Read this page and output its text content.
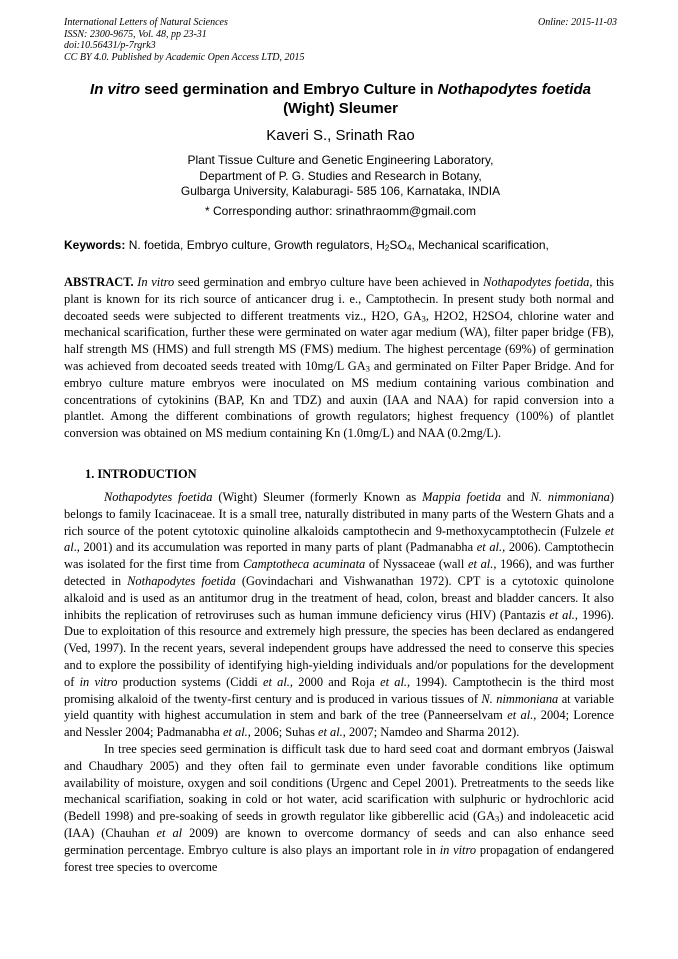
International Letters of Natural Sciences
ISSN: 2300-9675, Vol. 48, pp 23-31
doi:10.56431/p-7rgrk3
CC BY 4.0. Published by Academic Open Access LTD, 2015
Online: 2015-11-03
In vitro seed germination and Embryo Culture in Nothapodytes foetida
(Wight) Sleumer
Kaveri S., Srinath Rao
Plant Tissue Culture and Genetic Engineering Laboratory,
Department of P. G. Studies and Research in Botany,
Gulbarga University, Kalaburagi- 585 106, Karnataka, INDIA
* Corresponding author: srinathraomm@gmail.com
Keywords: N. foetida, Embryo culture, Growth regulators, $H_2SO_4$, Mechanical scarification,
ABSTRACT. In vitro seed germination and embryo culture have been achieved in Nothapodytes foetida, this plant is known for its rich source of anticancer drug i. e., Camptothecin. In present study both normal and decoated seeds were subjected to different treatments viz., H2O, $GA_3$, H2O2, H2SO4, chlorine water and mechanical scarification, further these were germinated on water agar medium (WA), filter paper bridge (FB), half strength MS (HMS) and full strength MS (FMS) medium. The highest percentage (69%) of germination was achieved from decoated seeds treated with 10mg/L $GA_3$ and germinated on Filter Paper Bridge. And for embryo culture mature embryos were inoculated on MS medium containing various combination and concentrations of cytokinins (BAP, Kn and TDZ) and auxin (IAA and NAA) for rapid conversion into a plantlet. Among the different combinations of growth regulators; highest frequency (100%) of plantlet conversion was obtained on MS medium containing Kn (1.0mg/L) and NAA (0.2mg/L).
1. INTRODUCTION

Nothapodytes foetida (Wight) Sleumer (formerly Known as Mappia foetida and N. nimmoniana) belongs to family Icacinaceae. It is a small tree, naturally distributed in many parts of the Western Ghats and a rich source of the potent cytotoxic quinoline alkaloids camptothecin and 9-methoxycamptothecin (Fulzele et al., 2001) and its accumulation was reported in many parts of plant (Padmanabha et al., 2006). Camptothecin was isolated for the first time from Camptotheca acuminata of Nyssaceae (wall et al., 1966), and was further detected in Nothapodytes foetida (Govindachari and Vishwanathan 1972). CPT is a cytotoxic quinolone alkaloid and is used as an antitumor drug in the treatment of head, colon, breast and bladder cancers. It also inhibits the replication of retroviruses such as human immune deficiency virus (HIV) (Pantazis et al., 1996). Due to exploitation of this resource and extremely high pressure, the species has been declared as endangered (Ved, 1997). In the recent years, several independent groups have addressed the need to conserve this species and to explore the possibility of identifying high-yielding individuals and/or populations for the development of in vitro production systems (Ciddi et al., 2000 and Roja et al., 1994). Camptothecin is the third most promising alkaloid of the twenty-first century and is produced in various tissues of N. nimmoniana at variable yield quantity with highest accumulation in stem and bark of the tree (Panneerselvam et al., 2004; Lorence and Nessler 2004; Padmanabha et al., 2006; Suhas et al., 2007; Namdeo and Sharma 2012).

In tree species seed germination is difficult task due to hard seed coat and dormant embryos (Jaiswal and Chaudhary 2005) and they often fail to germinate even under favorable conditions like optimum availability of moisture, oxygen and soil conditions (Urgenc and Cepel 2001). Pretreatments to the seeds like mechanical scarifiation, soaking in cold or hot water, acid scarification with sulphuric or hydrochloric acid (Bedell 1998) and pre-soaking of seeds in growth regulator like gibberellic acid $(GA_3)$ and indoleacetic acid (IAA) (Chauhan et al 2009) are known to overcome dormancy of seeds and can also enhance seed germination percentage. Embryo culture is also plays an important role in in vitro propagation of endangered forest tree species to overcome
